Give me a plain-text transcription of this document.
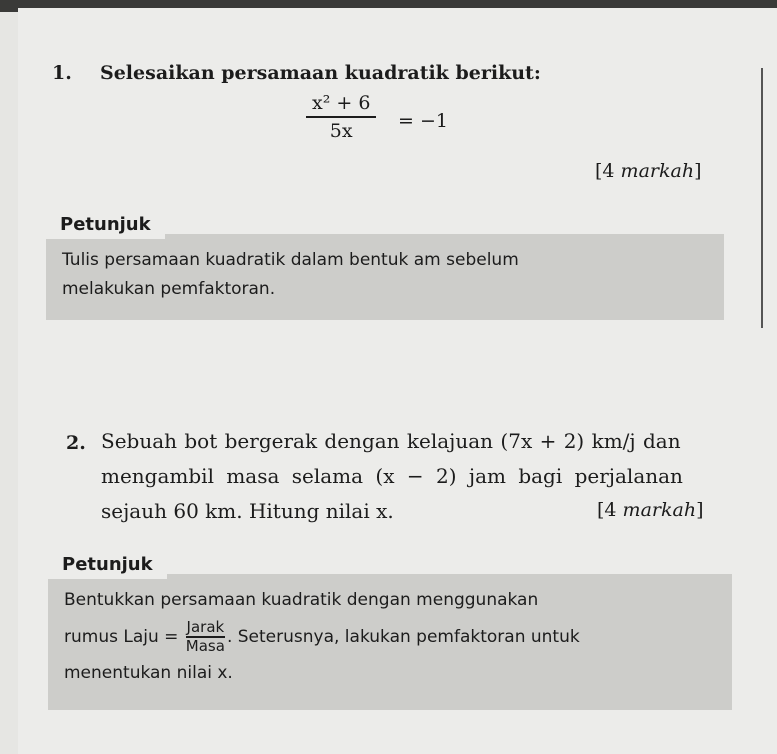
1. Selesaikan persamaan kuadratik berikut:
x² + 6
5x	= −1
[4 markah]
Tulis persamaan kuadratik dalam bentuk am sebelum
melakukan pemfaktoran.
Petunjuk
2. Sebuah bot bergerak dengan kelajuan (7x + 2) km/j dan
mengambil masa selama (x − 2) jam bagi perjalanan
sejauh 60 km. Hitung nilai x.	[4 markah]
Bentukkan persamaan kuadratik dengan menggunakan
rumus Laju = $\frac{\text{Jarak}}{\text{Masa}}$ . Seterusnya, lakukan pemfaktoran untuk
menentukan nilai x.
Petunjuk
